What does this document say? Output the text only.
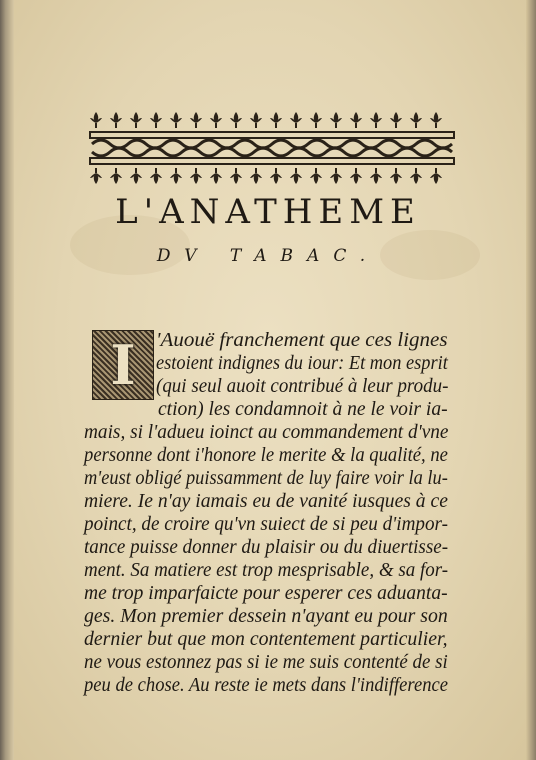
L'ANATHEME
DV TABAC.
I 'Auouë franchement que ces lignes
estoient indignes du iour: Et mon esprit
(qui seul auoit contribué à leur produ-
ction) les condamnoit à ne le voir ia-
mais, si l'adueu ioinct au commandement d'vne
personne dont i'honore le merite & la qualité, ne
m'eust obligé puissamment de luy faire voir la lu-
miere. Ie n'ay iamais eu de vanité iusques à ce
poinct, de croire qu'vn suiect de si peu d'impor-
tance puisse donner du plaisir ou du diuertisse-
ment. Sa matiere est trop mesprisable, & sa for-
me trop imparfaicte pour esperer ces aduanta-
ges. Mon premier dessein n'ayant eu pour son
dernier but que mon contentement particulier,
ne vous estonnez pas si ie me suis contenté de si
peu de chose. Au reste ie mets dans l'indifference
